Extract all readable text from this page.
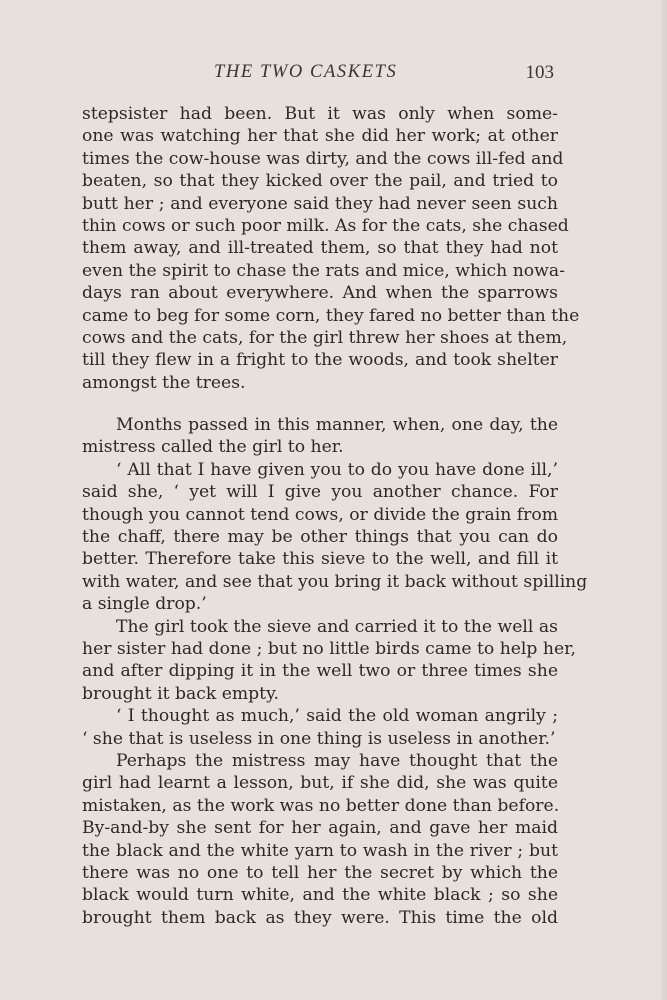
THE TWO CASKETS	103
stepsister had been. But it was only when some-
one was watching her that she did her work; at other
times the cow-house was dirty, and the cows ill-fed and
beaten, so that they kicked over the pail, and tried to
butt her ; and everyone said they had never seen such
thin cows or such poor milk. As for the cats, she chased
them away, and ill-treated them, so that they had not
even the spirit to chase the rats and mice, which nowa-
days ran about everywhere. And when the sparrows
came to beg for some corn, they fared no better than the
cows and the cats, for the girl threw her shoes at them,
till they flew in a fright to the woods, and took shelter
amongst the trees.
Months passed in this manner, when, one day, the
mistress called the girl to her.
‘ All that I have given you to do you have done ill,’
said she, ‘ yet will I give you another chance. For
though you cannot tend cows, or divide the grain from
the chaff, there may be other things that you can do
better. Therefore take this sieve to the well, and fill it
with water, and see that you bring it back without spilling
a single drop.’
The girl took the sieve and carried it to the well as
her sister had done ; but no little birds came to help her,
and after dipping it in the well two or three times she
brought it back empty.
‘ I thought as much,’ said the old woman angrily ;
‘ she that is useless in one thing is useless in another.’
Perhaps the mistress may have thought that the
girl had learnt a lesson, but, if she did, she was quite
mistaken, as the work was no better done than before.
By-and-by she sent for her again, and gave her maid
the black and the white yarn to wash in the river ; but
there was no one to tell her the secret by which the
black would turn white, and the white black ; so she
brought them back as they were. This time the old
